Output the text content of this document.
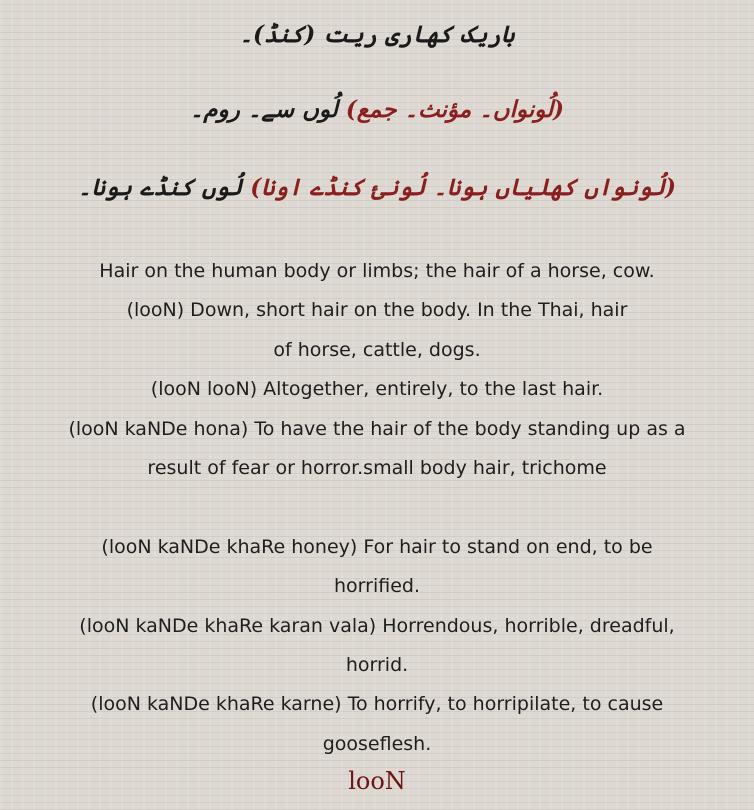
باریک کھاری ریت (کنڈ)۔
(لُونواں۔ مؤنث۔ جمع) لُوں سے۔ روم۔
(لُونواں کھلیاں ہونا۔ لُونئ کنڈے اونا) لُوں کنڈے ہونا۔
Hair on the human body or limbs; the hair of a horse, cow.
(looN) Down, short hair on the body. In the Thai, hair
of horse, cattle, dogs.
(looN looN) Altogether, entirely, to the last hair.
(looN kaNDe hona) To have the hair of the body standing up as a
result of fear or horror.small body hair, trichome
(looN kaNDe khaRe honey) For hair to stand on end, to be
horrified.
(looN kaNDe khaRe karan vala) Horrendous, horrible, dreadful,
horrid.
(looN kaNDe khaRe karne) To horrify, to horripilate, to cause
gooseflesh.
looN
